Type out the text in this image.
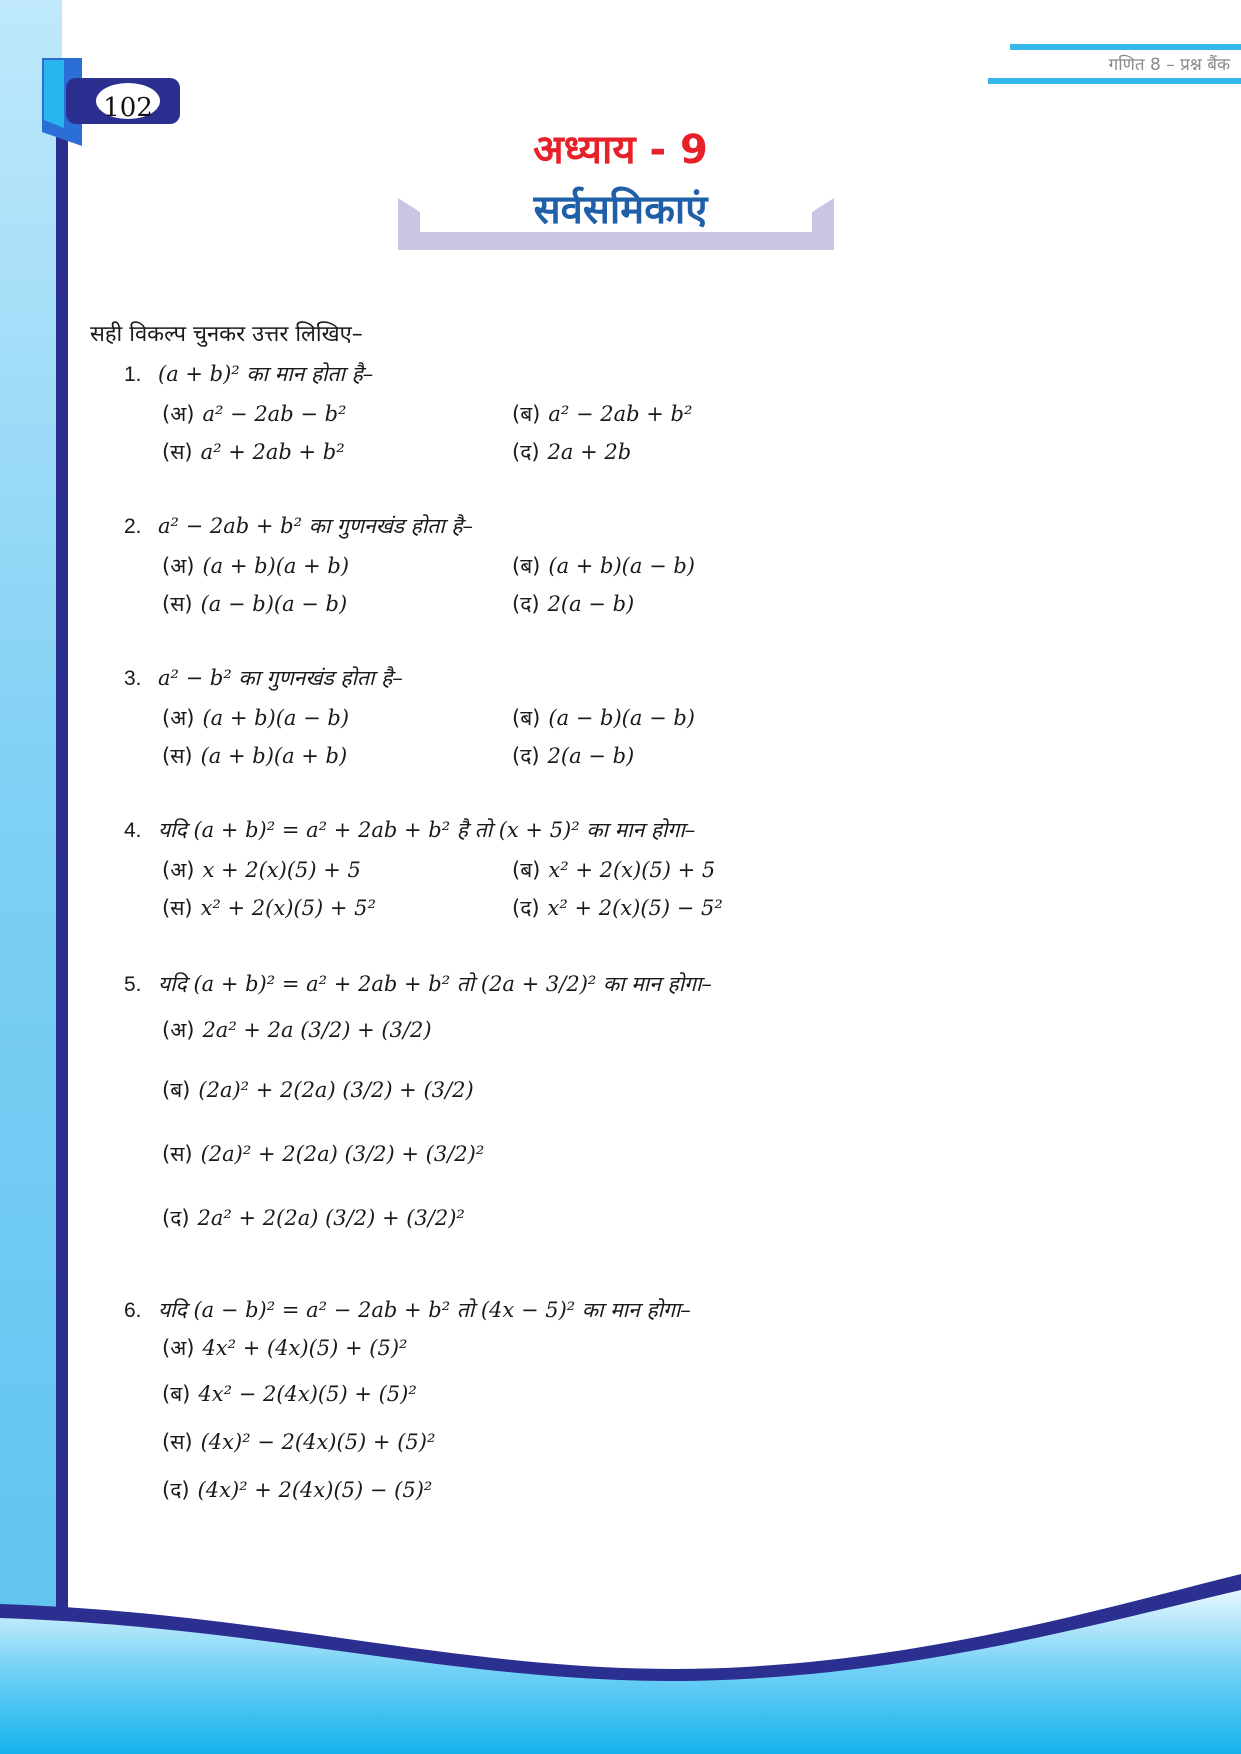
102
गणित 8 – प्रश्न बैंक
अध्याय - 9
सर्वसमिकाएं
सही विकल्प चुनकर उत्तर लिखिए–
1. (a + b)² का मान होता है–
(अ) a² − 2ab − b²	(ब) a² − 2ab + b²
(स) a² + 2ab + b²	(द) 2a + 2b
2. a² − 2ab + b² का गुणनखंड होता है–
(अ) (a + b)(a + b)	(ब) (a + b)(a − b)
(स) (a − b)(a − b)	(द) 2(a − b)
3. a² − b² का गुणनखंड होता है–
(अ) (a + b)(a − b)	(ब) (a − b)(a − b)
(स) (a + b)(a + b)	(द) 2(a − b)
4. यदि (a + b)² = a² + 2ab + b² है तो (x + 5)² का मान होगा–
(अ) x + 2(x)(5) + 5	(ब) x² + 2(x)(5) + 5
(स) x² + 2(x)(5) + 5²	(द) x² + 2(x)(5) − 5²
5. यदि (a + b)² = a² + 2ab + b² तो (2a + 3/2)² का मान होगा–
(अ) 2a² + 2a (3/2) + (3/2)
(ब) (2a)² + 2(2a) (3/2) + (3/2)
(स) (2a)² + 2(2a) (3/2) + (3/2)²
(द) 2a² + 2(2a) (3/2) + (3/2)²
6. यदि (a − b)² = a² − 2ab + b² तो (4x − 5)² का मान होगा–
(अ) 4x² + (4x)(5) + (5)²
(ब) 4x² − 2(4x)(5) + (5)²
(स) (4x)² − 2(4x)(5) + (5)²
(द) (4x)² + 2(4x)(5) − (5)²
